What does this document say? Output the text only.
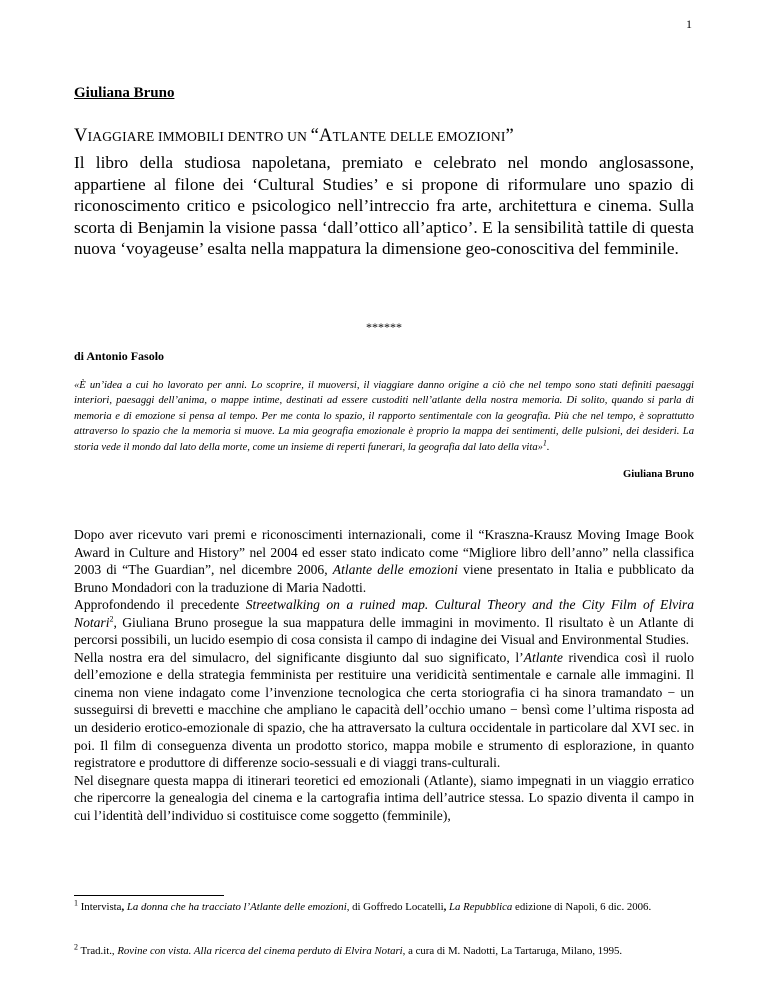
1
Giuliana Bruno
VIAGGIARE IMMOBILI DENTRO UN “ATLANTE DELLE EMOZIONI”
Il libro della studiosa napoletana, premiato e celebrato nel mondo anglosassone, appartiene al filone dei ‘Cultural Studies’ e si propone di riformulare uno spazio di riconoscimento critico e psicologico nell’intreccio fra arte, architettura e cinema. Sulla scorta di Benjamin la visione passa ‘dall’ottico all’aptico’. E la sensibilità tattile di questa nuova ‘voyageuse’ esalta nella mappatura la dimensione geo-conoscitiva del femminile.
******
di Antonio Fasolo
«È un’idea a cui ho lavorato per anni. Lo scoprire, il muoversi, il viaggiare danno origine a ciò che nel tempo sono stati definiti paesaggi interiori, paesaggi dell’anima, o mappe intime, destinati ad essere custoditi nell’atlante della nostra memoria. Di solito, quando si parla di memoria e di emozione si pensa al tempo. Per me conta lo spazio, il rapporto sentimentale con la geografia. Più che nel tempo, è soprattutto attraverso lo spazio che la memoria si muove. La mia geografia emozionale è proprio la mappa dei sentimenti, delle pulsioni, dei desideri. La storia vede il mondo dal lato della morte, come un insieme di reperti funerari, la geografia dal lato della vita»$^1$.
Giuliana Bruno

Dopo aver ricevuto vari premi e riconoscimenti internazionali, come il “Kraszna-Krausz Moving Image Book Award in Culture and History” nel 2004 ed esser stato indicato come “Migliore libro dell’anno” nella classifica 2003 di “The Guardian”, nel dicembre 2006, Atlante delle emozioni viene presentato in Italia e pubblicato da Bruno Mondadori con la traduzione di Maria Nadotti.

Approfondendo il precedente Streetwalking on a ruined map. Cultural Theory and the City Film of Elvira Notari$^2$, Giuliana Bruno prosegue la sua mappatura delle immagini in movimento. Il risultato è un Atlante di percorsi possibili, un lucido esempio di cosa consista il campo di indagine dei Visual and Environmental Studies.

Nella nostra era del simulacro, del significante disgiunto dal suo significato, l’Atlante rivendica così il ruolo dell’emozione e della strategia femminista per restituire una veridicità sentimentale e carnale alle immagini. Il cinema non viene indagato come l’invenzione tecnologica che certa storiografia ci ha sinora tramandato − un susseguirsi di brevetti e macchine che ampliano le capacità dell’occhio umano − bensì come l’ultima risposta ad un desiderio erotico-emozionale di spazio, che ha attraversato la cultura occidentale in particolare dal XVI sec. in poi. Il film di conseguenza diventa un prodotto storico, mappa mobile e strumento di esplorazione, in quanto registratore e produttore di differenze socio-sessuali e di viaggi trans-culturali.

Nel disegnare questa mappa di itinerari teoretici ed emozionali (Atlante), siamo impegnati in un viaggio erratico che ripercorre la genealogia del cinema e la cartografia intima dell’autrice stessa. Lo spazio diventa il campo in cui l’identità dell’individuo si costituisce come soggetto (femminile),

$^1$ Intervista, La donna che ha tracciato l’Atlante delle emozioni, di Goffredo Locatelli, La Repubblica edizione di Napoli, 6 dic. 2006.
$^2$ Trad.it., Rovine con vista. Alla ricerca del cinema perduto di Elvira Notari, a cura di M. Nadotti, La Tartaruga, Milano, 1995.
